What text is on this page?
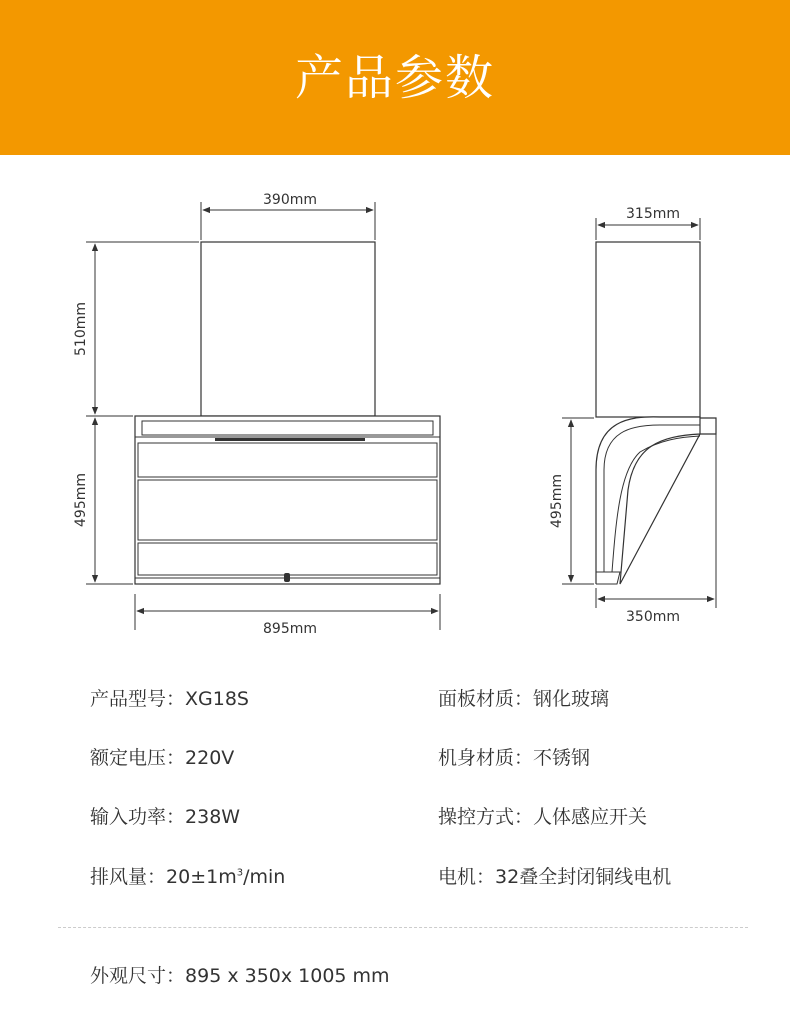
产品参数
390mm
510mm
495mm
895mm
315mm
495mm
350mm
产品型号：XG18S	面板材质：钢化玻璃
额定电压：220V	机身材质：不锈钢
输入功率：238W	操控方式：人体感应开关
排风量：$20\pm 1m^3/\min$	电机：32叠全封闭铜线电机
外观尺寸：895 x 350x 1005 mm
